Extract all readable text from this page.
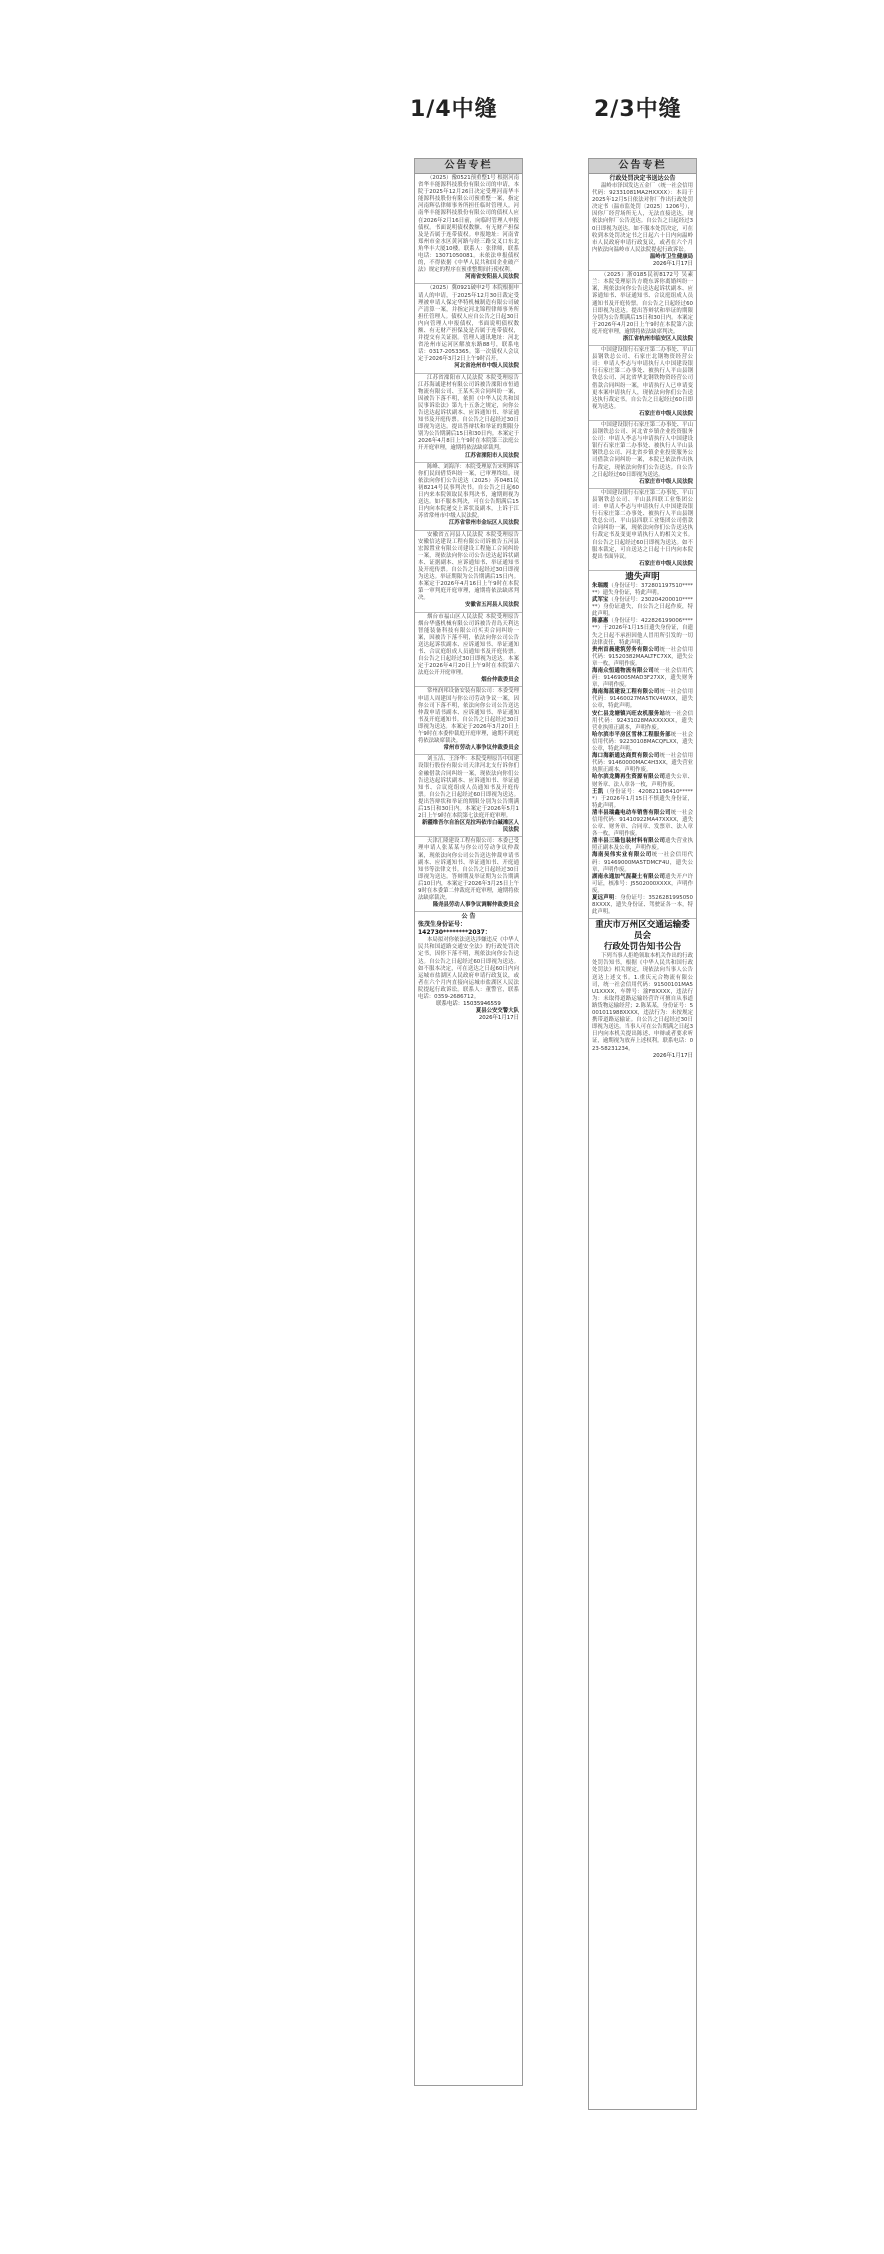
1/4中缝	2/3中缝
公告专栏

（2025）豫0521预重整1号 根据河南省华丰能源科技股份有限公司的申请，本院于2025年12月26日决定受理河南华丰能源科技股份有限公司预重整一案，指定河南辉弘律师事务所担任临时管理人。河南华丰能源科技股份有限公司的债权人应在2026年2月16日前，向临时管理人申报债权。书面说明债权数额、有无财产担保及是否属于连带债权。申报地址：河南省郑州市金水区黄河路与经三路交叉口东北角华丰大厦10楼。联系人：张律师，联系电话：13071050081。未依法申报债权的，不得依据《中华人民共和国企业破产法》规定的程序在预重整期间行使权利。

河南省安阳县人民法院

（2025）冀0921破申2号 本院根据申请人的申请，于2025年12月30日裁定受理被申请人保定华特机械制造有限公司破产清算一案，并指定河北锦程律师事务所担任管理人。债权人应自公告之日起30日内向管理人申报债权，书面说明债权数额、有无财产担保及是否属于连带债权，并提交有关证据。管理人通讯地址：河北省沧州市运河区解放东路88号，联系电话：0317-2053365。第一次债权人会议定于2026年3月2日上午9时召开。

河北省沧州市中级人民法院

江苏省溧阳市人民法院 本院受理原告江苏海诚建材有限公司诉被告溧阳市恒通物流有限公司、王某买卖合同纠纷一案，因被告下落不明，依照《中华人民共和国民事诉讼法》第九十五条之规定，向你公告送达起诉状副本、应诉通知书、举证通知书及开庭传票。自公告之日起经过30日即视为送达。提出答辩状和举证的期限分别为公告期满后15日和30日内。本案定于2026年4月8日上午9时在本院第三法庭公开开庭审理，逾期将依法缺席裁判。

江苏省溧阳市人民法院

陈峰、刘海洋：本院受理原告宋明辉诉你们民间借贷纠纷一案，已审理终结。现依法向你们公告送达（2025）苏0481民初8214号民事判决书。自公告之日起60日内来本院领取民事判决书，逾期则视为送达。如不服本判决，可在公告期满后15日内向本院递交上诉状及副本，上诉于江苏省常州市中级人民法院。

江苏省常州市金坛区人民法院

安徽省五河县人民法院 本院受理原告安徽信达建设工程有限公司诉被告五河县宏源置业有限公司建设工程施工合同纠纷一案，现依法向你公司公告送达起诉状副本、证据副本、应诉通知书、举证通知书及开庭传票。自公告之日起经过30日即视为送达。举证期限为公告期满后15日内。本案定于2026年4月16日上午9时在本院第一审判庭开庭审理，逾期将依法缺席判决。

安徽省五河县人民法院

烟台市福山区人民法院 本院受理原告烟台华盛机械有限公司诉被告青岛天利达智能装备科技有限公司买卖合同纠纷一案，因被告下落不明，依法向你公司公告送达起诉状副本、应诉通知书、举证通知书、合议庭组成人员通知书及开庭传票。自公告之日起经过30日即视为送达。本案定于2026年4月20日上午9时在本院第六法庭公开开庭审理。

烟台仲裁委员会

常州润邦设备安装有限公司：本委受理申请人周建国与你公司劳动争议一案，因你公司下落不明，依法向你公司公告送达仲裁申请书副本、应诉通知书、举证通知书及开庭通知书。自公告之日起经过30日即视为送达。本案定于2026年3月20日上午9时在本委仲裁庭开庭审理，逾期不到庭将依法缺席裁决。

常州市劳动人事争议仲裁委员会

刘玉洁、王泽华：本院受理原告中国建设银行股份有限公司天津河北支行诉你们金融借款合同纠纷一案，现依法向你们公告送达起诉状副本、应诉通知书、举证通知书、合议庭组成人员通知书及开庭传票。自公告之日起经过60日即视为送达。提出答辩状和举证的期限分别为公告期满后15日和30日内。本案定于2026年5月12日上午9时在本院第七法庭开庭审理。

新疆维吾尔自治区克拉玛依市白碱滩区人民法院

天津汇隆建设工程有限公司：本委已受理申请人张某某与你公司劳动争议仲裁案，现依法向你公司公告送达仲裁申请书副本、应诉通知书、举证通知书、开庭通知书等法律文书。自公告之日起经过30日即视为送达。答辩期及举证期为公告期满后10日内，本案定于2026年3月25日上午9时在本委第二仲裁庭开庭审理，逾期将依法缺席裁决。

隆尧县劳动人事争议调解仲裁委员会
公 告
张茂生身份证号：142730********2037：

本局拟对你依法送达涉嫌违反《中华人民共和国道路交通安全法》的行政处罚决定书，因你下落不明，现依法向你公告送达。自公告之日起经过60日即视为送达。如不服本决定，可在送达之日起60日内向运城市盐湖区人民政府申请行政复议，或者在六个月内直接向运城市盐湖区人民法院提起行政诉讼。联系人：董警官，联系电话：0359-2686712。

联系电话：15035946559
夏县公安交警大队
2026年1月17日
公告专栏
行政处罚决定书送达公告

温岭市泽国发达五金厂（统一社会信用代码：92331081MA2HXXXX）：本局于2025年12月5日依法对你厂作出行政处罚决定书（温市监处罚〔2025〕1206号），因你厂经营场所无人，无法直接送达，现依法向你厂公告送达。自公告之日起经过30日即视为送达。如不服本处罚决定，可在收到本处罚决定书之日起六十日内向温岭市人民政府申请行政复议，或者在六个月内依法向温岭市人民法院提起行政诉讼。

温岭市卫生健康局
2026年1月17日

（2025）浙0185民初8172号 吴素兰：本院受理原告方晓东诉你离婚纠纷一案，现依法向你公告送达起诉状副本、应诉通知书、举证通知书、合议庭组成人员通知书及开庭传票。自公告之日起经过60日即视为送达。提出答辩状和举证的期限分别为公告期满后15日和30日内。本案定于2026年4月20日上午9时在本院第六法庭开庭审理，逾期将依法缺席判决。

浙江省杭州市临安区人民法院

中国建设银行石家庄第二办事处、平山县钢铁总公司、石家庄北钢物资经营公司：申请人李志与申请执行人中国建设银行石家庄第二办事处、被执行人平山县钢铁总公司、河北省华北钢铁物资经营公司借款合同纠纷一案，申请执行人已申请变更本案申请执行人，现依法向你们公告送达执行裁定书。自公告之日起经过60日即视为送达。

石家庄市中级人民法院

中国建设银行石家庄第二办事处、平山县钢铁总公司、河北省乡镇企业投资服务公司：申请人李志与申请执行人中国建设银行石家庄第二办事处、被执行人平山县钢铁总公司、河北省乡镇企业投资服务公司借款合同纠纷一案，本院已依法作出执行裁定，现依法向你们公告送达。自公告之日起经过60日即视为送达。

石家庄市中级人民法院

中国建设银行石家庄第二办事处、平山县钢铁总公司、平山县四联工业集团公司：申请人李志与申请执行人中国建设银行石家庄第二办事处、被执行人平山县钢铁总公司、平山县四联工业集团公司借款合同纠纷一案，现依法向你们公告送达执行裁定书及变更申请执行人的相关文书。自公告之日起经过60日即视为送达。如不服本裁定，可自送达之日起十日内向本院提出书面异议。

石家庄市中级人民法院
遗失声明

朱瑞霞（身份证号：372801197510******）遗失身份证，特此声明。

武军宝（身份证号：230204200010******）身份证遗失，自公告之日起作废，特此声明。

陈嘉惠（身份证号：422826199006******）于2026年1月15日遗失身份证，自遗失之日起不承担因他人冒用所引发的一切法律责任，特此声明。

贵州首晨建筑劳务有限公司统一社会信用代码：91520382MAALTFC7XX，遗失公章一枚，声明作废。

海南众恒通物流有限公司统一社会信用代码：91469005MAD3F27XX，遗失财务章，声明作废。

海南海蓝建设工程有限公司统一社会信用代码：91460027MA5TKV4WXX，遗失公章，特此声明。

安仁县龙塘镇兴旺农机服务站统一社会信用代码：92431028MAXXXXXX，遗失营业执照正副本，声明作废。

哈尔滨市平房区雪林工程服务部统一社会信用代码：92230108MACQFLXX，遗失公章，特此声明。

海口海新通达商贸有限公司统一社会信用代码：91460000MAC4H3XX，遗失营业执照正副本，声明作废。

哈尔滨龙腾再生资源有限公司遗失公章、财务章、法人章各一枚，声明作废。

王凯（身份证号：420821198410******）于2026年1月15日不慎遗失身份证，特此声明。

清丰县瑞鑫电动车销售有限公司统一社会信用代码：91410922MA47XXXX，遗失公章、财务章、合同章、发票章、法人章各一枚，声明作废。

清丰县三隆包装材料有限公司遗失营业执照正副本及公章，声明作废。

海南吴伟实业有限公司统一社会信用代码：91469000MA5TDMCF4U，遗失公章，声明作废。

湖南永通加气混凝土有限公司遗失开户许可证，核准号：J5502000XXXX，声明作废。

夏远声明：身份证号：35262819950508XXXX，遗失身份证、驾驶证各一本，特此声明。

重庆市万州区交通运输委员会
行政处罚告知书公告

下列当事人拒绝领取本机关作出的行政处罚告知书，根据《中华人民共和国行政处罚法》相关规定，现依法向当事人公告送达上述文书。1.重庆元合物流有限公司，统一社会信用代码：91500101MA5U1XXXX，车牌号：渝F8XXXX，违法行为：未取得道路运输经营许可擅自从事道路货物运输经营；2.陈某某，身份证号：5001011988XXXX，违法行为：未按规定携带道路运输证。自公告之日起经过30日即视为送达。当事人可在公告期满之日起3日内向本机关提出陈述、申辩或者要求听证，逾期视为放弃上述权利。联系电话：023-58231234。

2026年1月17日
